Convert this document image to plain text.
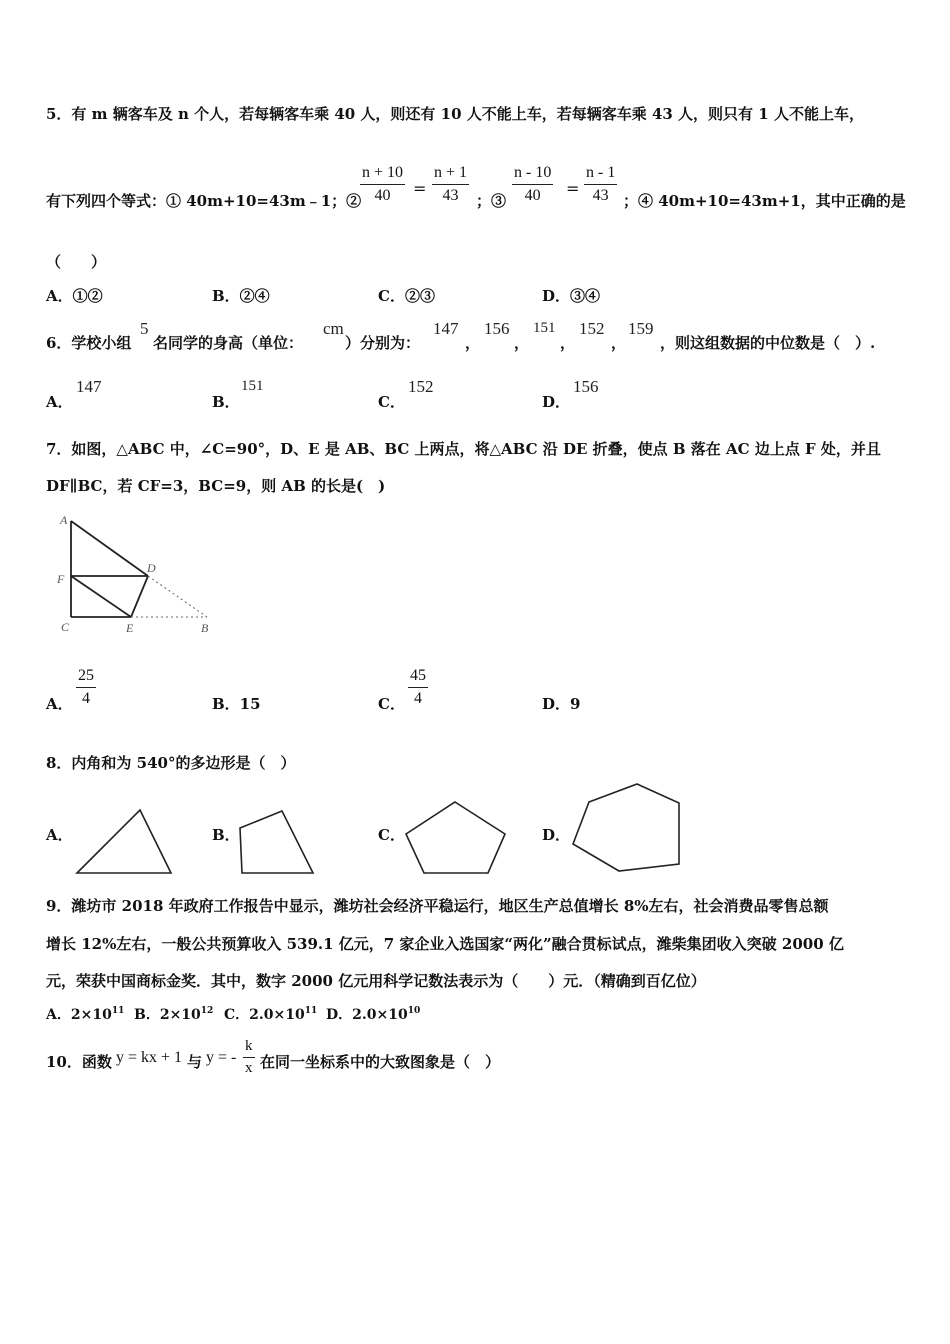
5．有 m 辆客车及 n 个人，若每辆客车乘 40 人，则还有 10 人不能上车，若每辆客车乘 43 人，则只有 1 人不能上车，
有下列四个等式：① 40m+10=43m﹣1；②
n + 10
40	=
n + 1
43	；③
n - 10
40	=
n - 1
43 ；④ 40m+10=43m+1，其中正确的是
（　　）
A．①②	B．②④	C．②③	D．③④
6．学校小组
5
名同学的身高（单位：
cm
）分别为：
147
，
156
，
151
，
152
，
159
，则这组数据的中位数是（　）.
A．
147
B．
151
C．
152
D．
156
7．如图，△ABC 中，∠C=90°，D、E 是 AB、BC 上两点，将△ABC 沿 DE 折叠，使点 B 落在 AC 边上点 F 处，并且
DF∥BC，若 CF=3，BC=9，则 AB 的长是(　)
A
F
C
D
E	B
A．
25
4	B．15	C．
45
4	D．9
8．内角和为 540°的多边形是（　）
A．	B．	C．	D．
9．潍坊市 2018 年政府工作报告中显示，潍坊社会经济平稳运行，地区生产总值增长 8%左右，社会消费品零售总额
增长 12%左右，一般公共预算收入 539.1 亿元，7 家企业入选国家“两化”融合贯标试点，潍柴集团收入突破 2000 亿
元，荣获中国商标金奖．其中，数字 2000 亿元用科学记数法表示为（　　）元．（精确到百亿位）
A．$2\times 10^{11}$ B．$2\times 10^{12}$ C．$2.0\times 10^{11}$ D．$2.0\times 10^{10}$
10．函数 y = kx + 1 与 y = -
k
x 在同一坐标系中的大致图象是（　）
